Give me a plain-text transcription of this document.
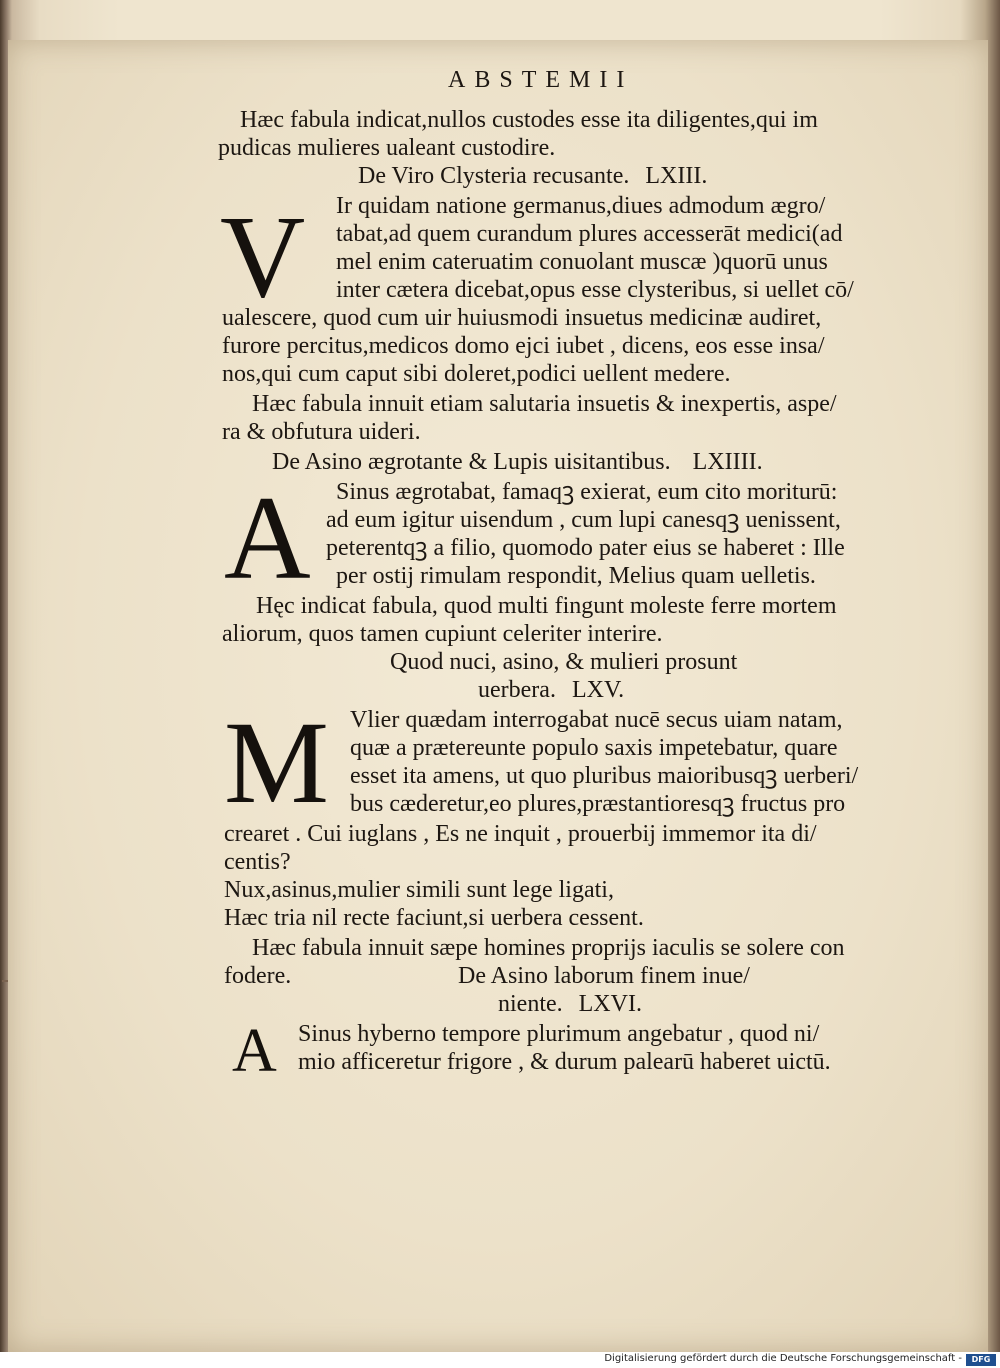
ABSTEMII
Hæc fabula indicat,nullos custodes esse ita diligentes,qui im
pudicas mulieres ualeant custodire.
De Viro Clysteria recusante. LXIII.
V Ir quidam natione germanus,diues admodum ægro/
tabat,ad quem curandum plures accesserāt medici(ad
mel enim cateruatim conuolant muscæ )quorū unus
inter cætera dicebat,opus esse clysteribus, si uellet cō/
ualescere, quod cum uir huiusmodi insuetus medicinæ audiret,
furore percitus,medicos domo ejci iubet , dicens, eos esse insa/
nos,qui cum caput sibi doleret,podici uellent medere.
Hæc fabula innuit etiam salutaria insuetis & inexpertis, aspe/
ra & obfutura uideri.
De Asino ægrotante & Lupis uisitantibus. LXIIII.
A Sinus ægrotabat, famaqꝫ exierat, eum cito moriturū:
ad eum igitur uisendum , cum lupi canesqꝫ uenissent,
peterentqꝫ a filio, quomodo pater eius se haberet : Ille
per ostij rimulam respondit, Melius quam uelletis.
Hęc indicat fabula, quod multi fingunt moleste ferre mortem
aliorum, quos tamen cupiunt celeriter interire.
Quod nuci, asino, & mulieri prosunt
uerbera. LXV.
M Vlier quædam interrogabat nucē secus uiam natam,
quæ a prætereunte populo saxis impetebatur, quare
esset ita amens, ut quo pluribus maioribusqꝫ uerberi/
bus cæderetur,eo plures,præstantioresqꝫ fructus pro
crearet . Cui iuglans , Es ne inquit , prouerbij immemor ita di/
centis?
Nux,asinus,mulier simili sunt lege ligati,
Hæc tria nil recte faciunt,si uerbera cessent.
Hæc fabula innuit sæpe homines proprijs iaculis se solere con
fodere.	De Asino laborum finem inue/
niente. LXVI.
A Sinus hyberno tempore plurimum angebatur , quod ni/
mio afficeretur frigore , & durum palearū haberet uictū.
Digitalisierung gefördert durch die Deutsche Forschungsgemeinschaft -	DFG
